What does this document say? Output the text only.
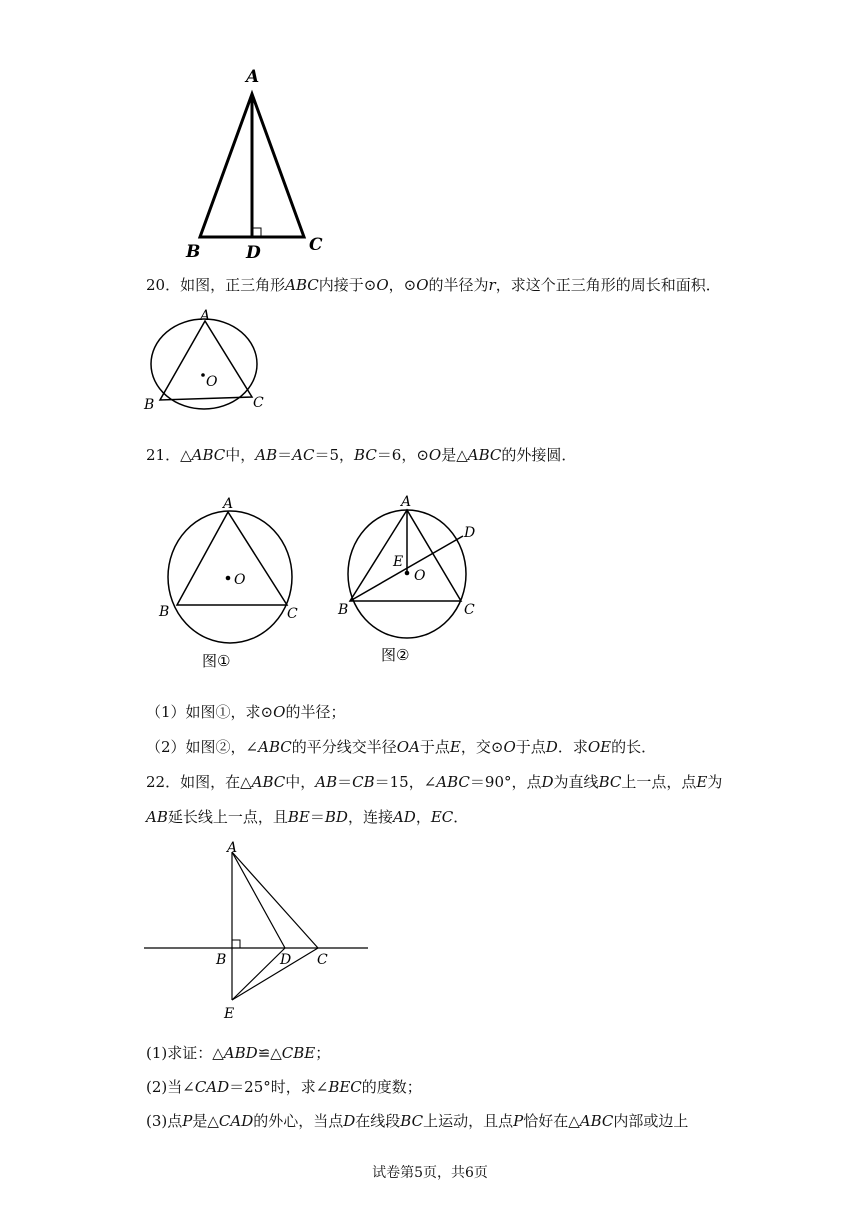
A
B	D	C
20．如图，正三角形ABC内接于⊙O，⊙O的半径为r，求这个正三角形的周长和面积．
A
O
B	C
21．△ABC中，AB＝AC＝5，BC＝6，⊙O是△ABC的外接圆．
A
O
B	C
图①
A
D
E
O
B	C
图②
（1）如图①，求⊙O的半径；
（2）如图②，∠ABC的平分线交半径OA于点E，交⊙O于点D．求OE的长．
22．如图，在△ABC中，AB＝CB＝15，∠ABC＝90°，点D为直线BC上一点，点E为
AB延长线上一点，且BE＝BD，连接AD，EC．
A
B	D C
E
(1)求证：△ABD≌△CBE；
(2)当∠CAD＝25°时，求∠BEC的度数；
(3)点P是△CAD的外心，当点D在线段BC上运动，且点P恰好在△ABC内部或边上
试卷第5页，共6页
